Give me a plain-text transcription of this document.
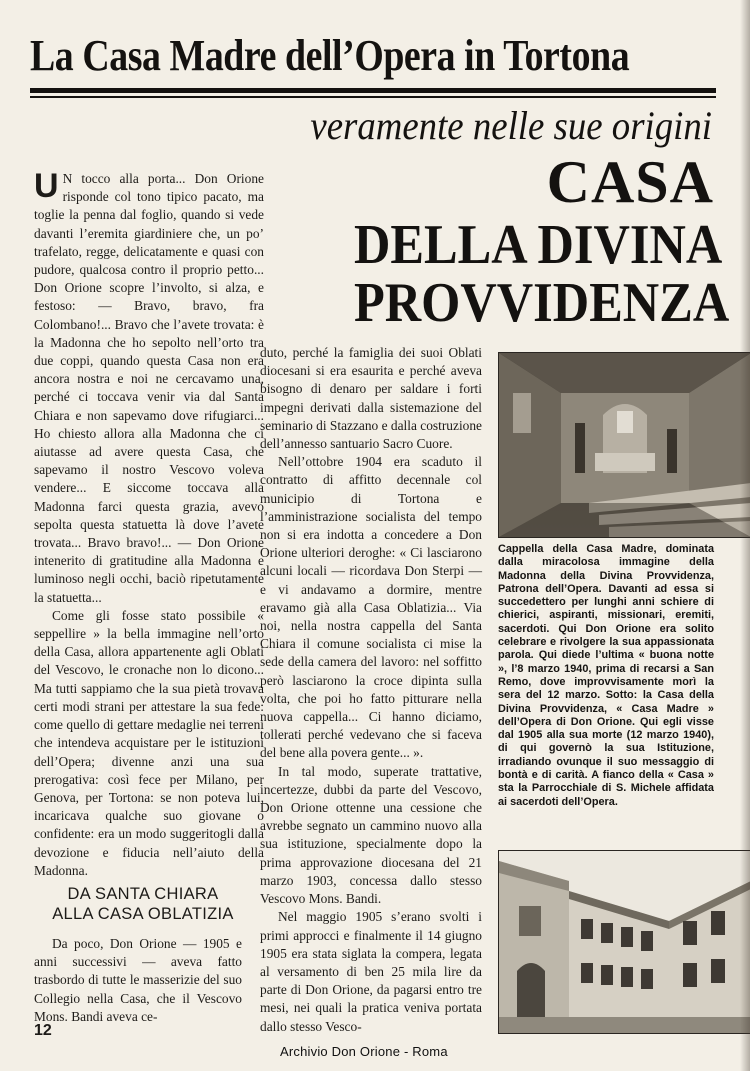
La Casa Madre dell’Opera in Tortona
veramente nelle sue origini
CASA
DELLA DIVINA
PROVVIDENZA

U N tocco alla porta... Don Orione risponde col tono tipico pacato, ma toglie la penna dal foglio, quando si vede davanti l’eremita giardiniere che, un po’ trafelato, regge, delicatamente e quasi con pudore, qualcosa contro il proprio petto... Don Orione scopre l’involto, si alza, e festoso: — Bravo, bravo, fra Colombano!... Bravo che l’avete trovata: è la Madonna che ho sepolto nell’orto tra due coppi, quando questa Casa non era ancora nostra e noi ne cercavamo una, perché ci toccava venir via dal Santa Chiara e non sapevamo dove rifugiarci... Ho chiesto allora alla Madonna che ci aiutasse ad avere questa Casa, che sapevamo il nostro Vescovo voleva vendere... E siccome toccava alla Madonna farci questa grazia, avevo sepolta questa statuetta là dove l’avete trovata... Bravo bravo!... — Don Orione intenerito di gratitudine alla Madonna e luminoso negli occhi, baciò ripetutamente la statuetta...

Come gli fosse stato possibile « seppellire » la bella immagine nell’orto della Casa, allora appartenente agli Oblati del Vescovo, le cronache non lo dicono... Ma tutti sappiamo che la sua pietà trovava certi modi strani per attestare la sua fede: come quello di gettare medaglie nei terreni che intendeva acquistare per le istituzioni dell’Opera; divenne anzi una sua prerogativa: così fece per Milano, per Genova, per Tortona: se non poteva lui, incaricava qualche suo giovane o confidente: era un modo suggeritogli dalla devozione e fiducia nell’aiuto della Madonna.

DA SANTA CHIARA
ALLA CASA OBLATIZIA

Da poco, Don Orione — 1905 e anni successivi — aveva fatto trasbordo di tutte le masserizie del suo Collegio nella Casa, che il Vescovo Mons. Bandi aveva ce-

duto, perché la famiglia dei suoi Oblati diocesani si era esaurita e perché aveva bisogno di denaro per saldare i forti impegni derivati dalla sistemazione del seminario di Stazzano e dalla costruzione dell’annesso santuario Sacro Cuore.

Nell’ottobre 1904 era scaduto il contratto di affitto decennale col municipio di Tortona e l’amministrazione socialista del tempo non si era indotta a concedere a Don Orione ulteriori deroghe: « Ci lasciarono alcuni locali — ricordava Don Sterpi — e vi andavamo a dormire, mentre eravamo già alla Casa Oblatizia... Via noi, nella nostra cappella del Santa Chiara il comune socialista ci mise la sede della camera del lavoro: nel soffitto però lasciarono la croce dipinta sulla volta, che poi ho fatto pitturare nella nuova cappella... Ci hanno diciamo, tollerati perché vedevano che si faceva del bene alla povera gente... ».

In tal modo, superate trattative, incertezze, dubbi da parte del Vescovo, Don Orione ottenne una cessione che avrebbe segnato un cammino nuovo alla sua istituzione, specialmente dopo la prima approvazione diocesana del 21 marzo 1903, concessa dallo stesso Vescovo Mons. Bandi.

Nel maggio 1905 s’erano svolti i primi approcci e finalmente il 14 giugno 1905 era stata siglata la compera, legata al versamento di ben 25 mila lire da parte di Don Orione, da pagarsi entro tre mesi, nei quali la pratica veniva portata dallo stesso Vesco-

Cappella della Casa Madre, dominata dalla miracolosa immagine della Madonna della Divina Provvidenza, Patrona dell’Opera. Davanti ad essa si succedettero per lunghi anni schiere di chierici, aspiranti, missionari, eremiti, sacerdoti. Qui Don Orione era solito celebrare e rivolgere la sua appassionata parola. Qui diede l’ultima « buona notte », l’8 marzo 1940, prima di recarsi a San Remo, dove improvvisamente morì la sera del 12 marzo. Sotto: la Casa della Divina Provvidenza, « Casa Madre » dell’Opera di Don Orione. Qui egli visse dal 1905 alla sua morte (12 marzo 1940), di qui governò la sua Istituzione, irradiando ovunque il suo messaggio di bontà e di carità. A fianco della « Casa » sta la Parrocchiale di S. Michele affidata ai sacerdoti dell’Opera.
12
Archivio Don Orione - Roma
